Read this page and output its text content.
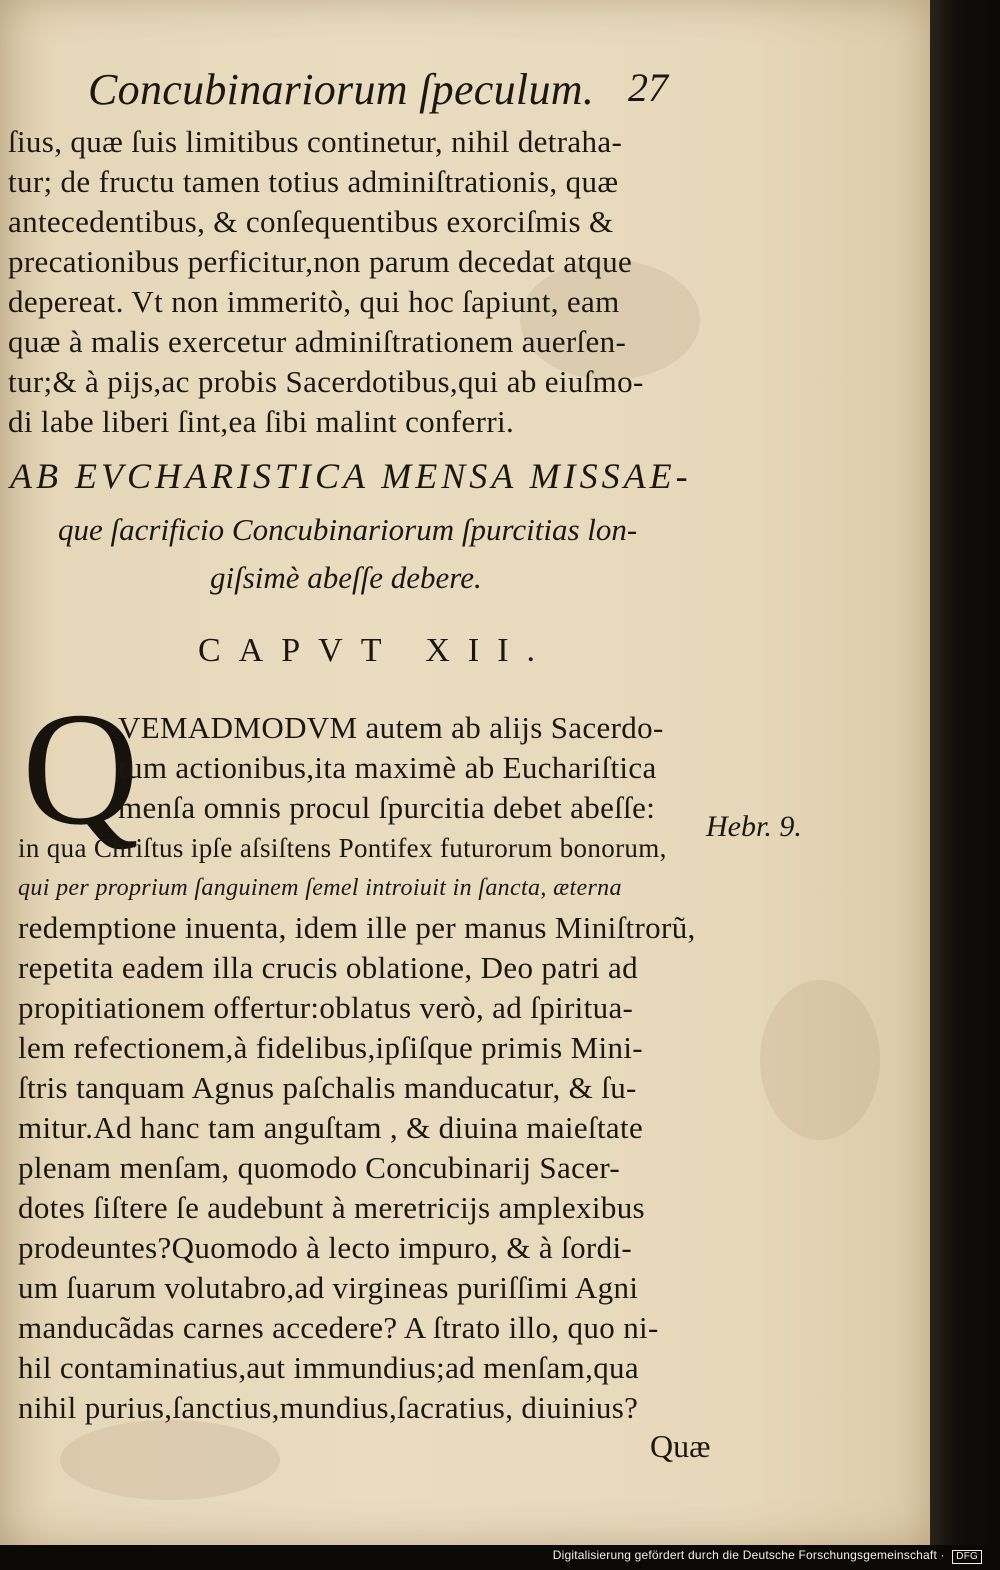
Concubinariorum ſpeculum. 27
ſius, quæ ſuis limitibus continetur, nihil detraha-
tur; de fructu tamen totius adminiſtrationis, quæ
antecedentibus, & conſequentibus exorciſmis &
precationibus perficitur,non parum decedat atque
depereat. Vt non immeritò, qui hoc ſapiunt, eam
quæ à malis exercetur adminiſtrationem auerſen-
tur;& à pijs,ac probis Sacerdotibus,qui ab eiuſmo-
di labe liberi ſint,ea ſibi malint conferri.
AB EVCHARISTICA MENSA MISSAE-
que ſacrificio Concubinariorum ſpurcitias lon-
giſsimè abeſſe debere.
CAPVT XII.
Q
VEMADMODVM autem ab alijs Sacerdo-
tum actionibus,ita maximè ab Euchariſtica
menſa omnis procul ſpurcitia debet abeſſe:
in qua Chriſtus ipſe aſsiſtens Pontifex futurorum bonorum,
qui per proprium ſanguinem ſemel introiuit in ſancta, æterna
redemptione inuenta, idem ille per manus Miniſtrorũ,
repetita eadem illa crucis oblatione, Deo patri ad
propitiationem offertur:oblatus verò, ad ſpiritua-
lem refectionem,à fidelibus,ipſiſque primis Mini-
ſtris tanquam Agnus paſchalis manducatur, & ſu-
mitur.Ad hanc tam anguſtam , & diuina maieſtate
plenam menſam, quomodo Concubinarij Sacer-
dotes ſiſtere ſe audebunt à meretricijs amplexibus
prodeuntes?Quomodo à lecto impuro, & à ſordi-
um ſuarum volutabro,ad virgineas puriſſimi Agni
manducãdas carnes accedere? A ſtrato illo, quo ni-
hil contaminatius,aut immundius;ad menſam,qua
nihil purius,ſanctius,mundius,ſacratius, diuinius?
Hebr. 9.
Quæ
Digitalisierung gefördert durch die Deutsche Forschungsgemeinschaft · DFG
